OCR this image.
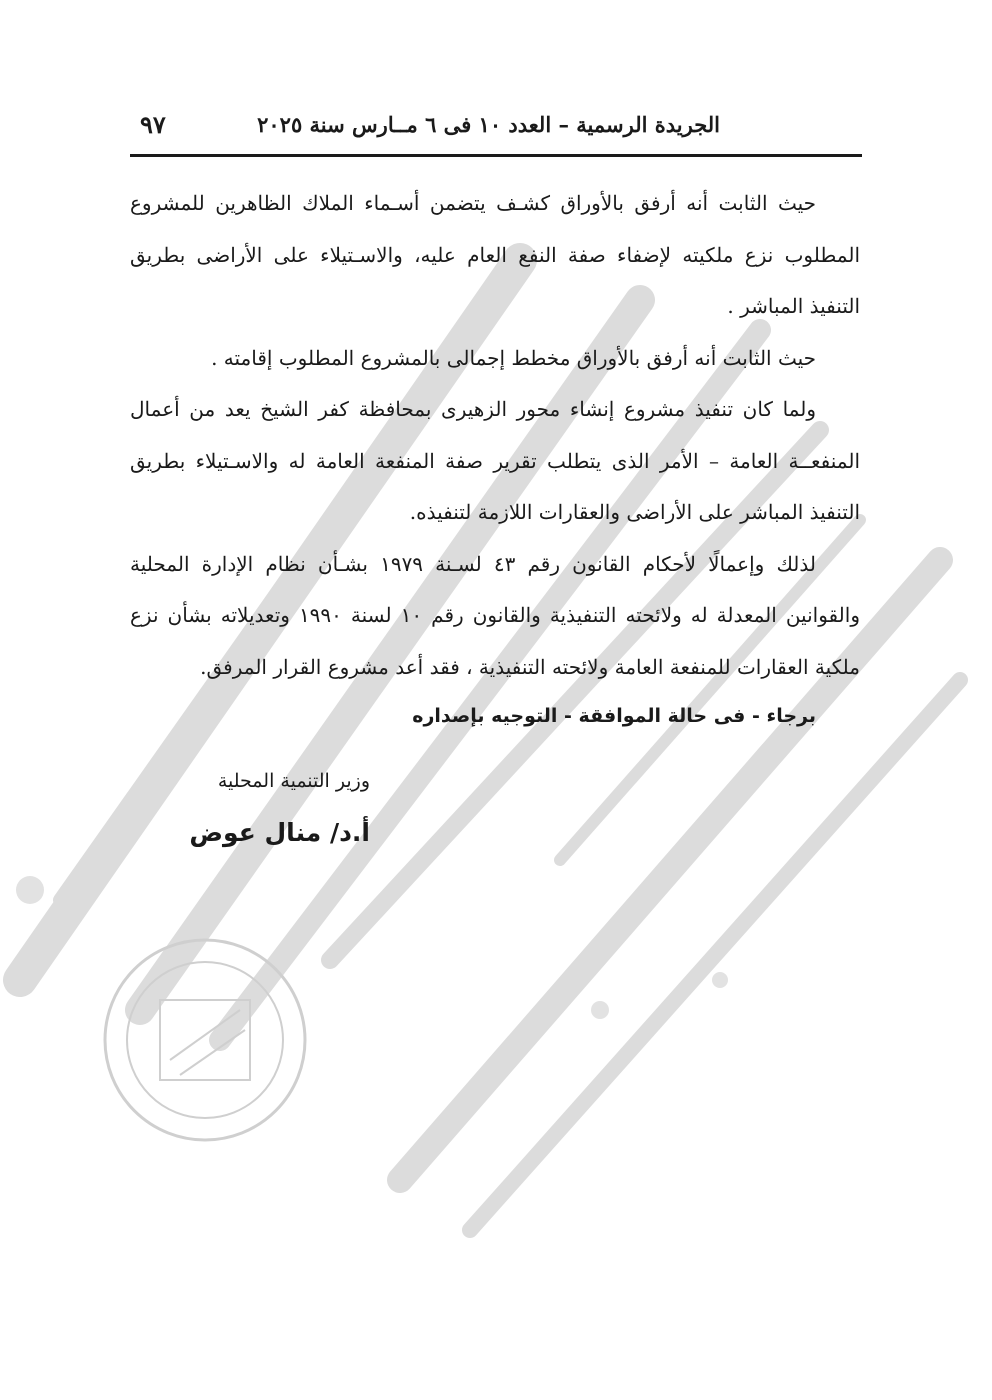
الجريدة الرسمية – العدد ١٠ فى ٦ مــارس سنة ٢٠٢٥
٩٧

حيث الثابت أنه أرفق بالأوراق كشـف يتضمن أسـماء الملاك الظاهرين للمشروع المطلوب نزع ملكيته لإضفاء صفة النفع العام عليه، والاسـتيلاء على الأراضى بطريق التنفيذ المباشر .

حيث الثابت أنه أرفق بالأوراق مخطط إجمالى بالمشروع المطلوب إقامته .

ولما كان تنفيذ مشروع إنشاء محور الزهيرى بمحافظة كفر الشيخ يعد من أعمال المنفعــة العامة – الأمر الذى يتطلب تقرير صفة المنفعة العامة له والاسـتيلاء بطريق التنفيذ المباشر على الأراضى والعقارات اللازمة لتنفيذه.

لذلك وإعمالًا لأحكام القانون رقم ٤٣ لسـنة ١٩٧٩ بشـأن نظام الإدارة المحلية والقوانين المعدلة له ولائحته التنفيذية والقانون رقم ١٠ لسنة ١٩٩٠ وتعديلاته بشأن نزع ملكية العقارات للمنفعة العامة ولائحته التنفيذية ، فقد أعد مشروع القرار المرفق.

برجاء - فى حالة الموافقة - التوجيه بإصداره

وزير التنمية المحلية
أ.د/ منال عوض
